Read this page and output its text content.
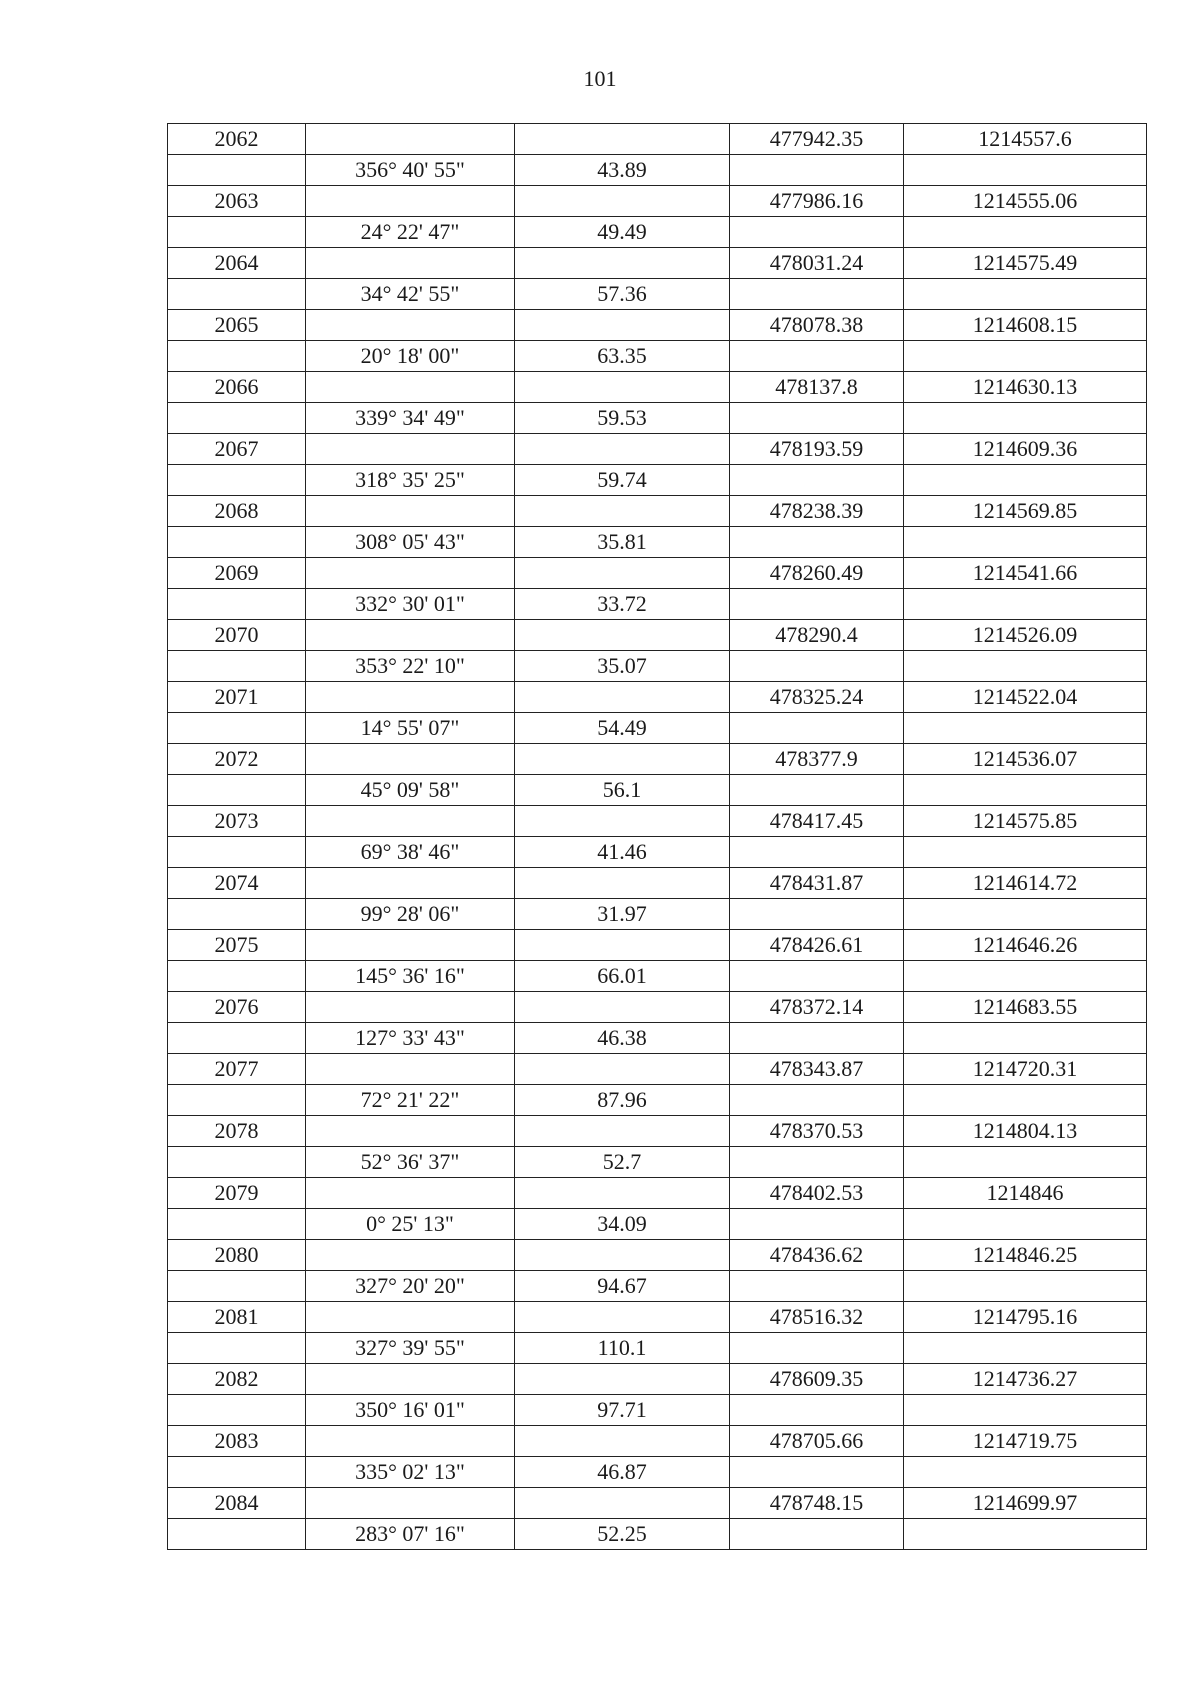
101
2062			477942.35	1214557.6
	356° 40' 55"	43.89		
2063			477986.16	1214555.06
	24° 22' 47"	49.49		
2064			478031.24	1214575.49
	34° 42' 55"	57.36		
2065			478078.38	1214608.15
	20° 18' 00"	63.35		
2066			478137.8	1214630.13
	339° 34' 49"	59.53		
2067			478193.59	1214609.36
	318° 35' 25"	59.74		
2068			478238.39	1214569.85
	308° 05' 43"	35.81		
2069			478260.49	1214541.66
	332° 30' 01"	33.72		
2070			478290.4	1214526.09
	353° 22' 10"	35.07		
2071			478325.24	1214522.04
	14° 55' 07"	54.49		
2072			478377.9	1214536.07
	45° 09' 58"	56.1		
2073			478417.45	1214575.85
	69° 38' 46"	41.46		
2074			478431.87	1214614.72
	99° 28' 06"	31.97		
2075			478426.61	1214646.26
	145° 36' 16"	66.01		
2076			478372.14	1214683.55
	127° 33' 43"	46.38		
2077			478343.87	1214720.31
	72° 21' 22"	87.96		
2078			478370.53	1214804.13
	52° 36' 37"	52.7		
2079			478402.53	1214846
	0° 25' 13"	34.09		
2080			478436.62	1214846.25
	327° 20' 20"	94.67		
2081			478516.32	1214795.16
	327° 39' 55"	110.1		
2082			478609.35	1214736.27
	350° 16' 01"	97.71		
2083			478705.66	1214719.75
	335° 02' 13"	46.87		
2084			478748.15	1214699.97
	283° 07' 16"	52.25		
